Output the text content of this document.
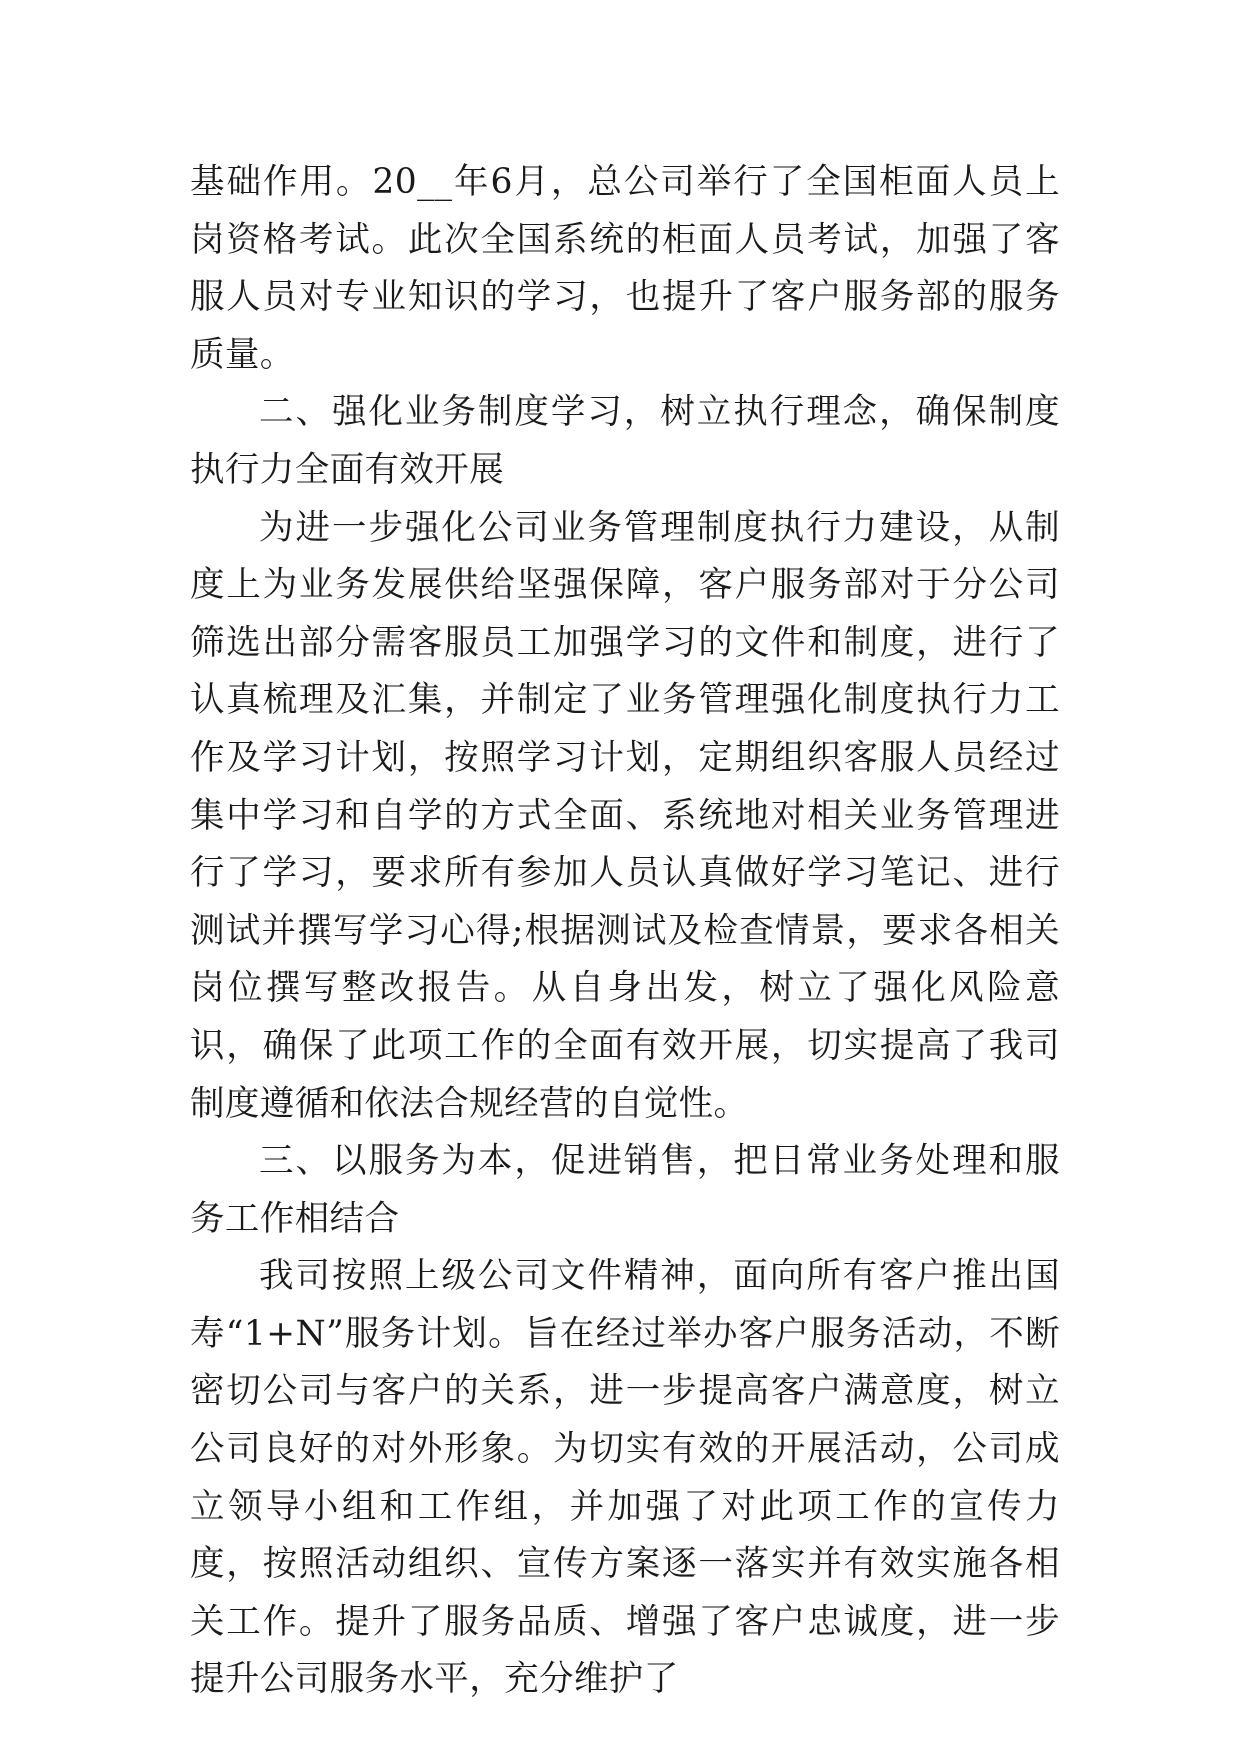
基础作用。20__年6月，总公司举行了全国柜面人员上岗资格考试。此次全国系统的柜面人员考试，加强了客服人员对专业知识的学习，也提升了客户服务部的服务质量。

二、强化业务制度学习，树立执行理念，确保制度执行力全面有效开展

为进一步强化公司业务管理制度执行力建设，从制度上为业务发展供给坚强保障，客户服务部对于分公司筛选出部分需客服员工加强学习的文件和制度，进行了认真梳理及汇集，并制定了业务管理强化制度执行力工作及学习计划，按照学习计划，定期组织客服人员经过集中学习和自学的方式全面、系统地对相关业务管理进行了学习，要求所有参加人员认真做好学习笔记、进行测试并撰写学习心得;根据测试及检查情景，要求各相关岗位撰写整改报告。从自身出发，树立了强化风险意识，确保了此项工作的全面有效开展，切实提高了我司制度遵循和依法合规经营的自觉性。

三、以服务为本，促进销售，把日常业务处理和服务工作相结合

我司按照上级公司文件精神，面向所有客户推出国寿“1+N”服务计划。旨在经过举办客户服务活动，不断密切公司与客户的关系，进一步提高客户满意度，树立公司良好的对外形象。为切实有效的开展活动，公司成立领导小组和工作组，并加强了对此项工作的宣传力度，按照活动组织、宣传方案逐一落实并有效实施各相关工作。提升了服务品质、增强了客户忠诚度，进一步提升公司服务水平，充分维护了
